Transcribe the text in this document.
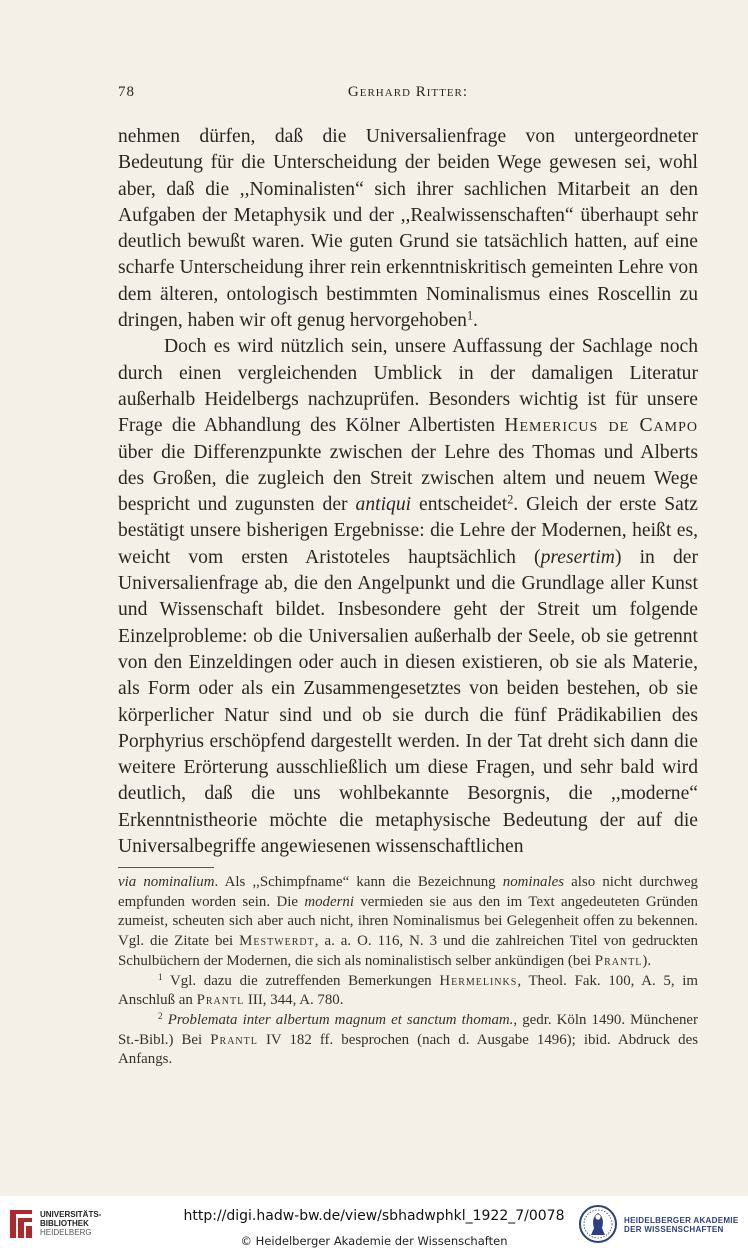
78	Gerhard Ritter:

nehmen dürfen, daß die Universalienfrage von untergeordneter Bedeutung für die Unterscheidung der beiden Wege gewesen sei, wohl aber, daß die ,,Nominalisten“ sich ihrer sachlichen Mitarbeit an den Aufgaben der Metaphysik und der ,,Realwissenschaften“ überhaupt sehr deutlich bewußt waren. Wie guten Grund sie tatsächlich hatten, auf eine scharfe Unterscheidung ihrer rein erkenntniskritisch gemeinten Lehre von dem älteren, ontologisch bestimmten Nominalismus eines Roscellin zu dringen, haben wir oft genug hervorgehoben$^1$.

Doch es wird nützlich sein, unsere Auffassung der Sachlage noch durch einen vergleichenden Umblick in der damaligen Literatur außerhalb Heidelbergs nachzuprüfen. Besonders wichtig ist für unsere Frage die Abhandlung des Kölner Albertisten Hemericus de Campo über die Differenzpunkte zwischen der Lehre des Thomas und Alberts des Großen, die zugleich den Streit zwischen altem und neuem Wege bespricht und zugunsten der antiqui entscheidet$^2$. Gleich der erste Satz bestätigt unsere bisherigen Ergebnisse: die Lehre der Modernen, heißt es, weicht vom ersten Aristoteles hauptsächlich (presertim) in der Universalienfrage ab, die den Angelpunkt und die Grundlage aller Kunst und Wissenschaft bildet. Insbesondere geht der Streit um folgende Einzelprobleme: ob die Universalien außerhalb der Seele, ob sie getrennt von den Einzeldingen oder auch in diesen existieren, ob sie als Materie, als Form oder als ein Zusammengesetztes von beiden bestehen, ob sie körperlicher Natur sind und ob sie durch die fünf Prädikabilien des Porphyrius erschöpfend dargestellt werden. In der Tat dreht sich dann die weitere Erörterung ausschließlich um diese Fragen, und sehr bald wird deutlich, daß die uns wohlbekannte Besorgnis, die ,,moderne“ Erkenntnistheorie möchte die metaphysische Bedeutung der auf die Universalbegriffe angewiesenen wissenschaftlichen

via nominalium. Als ,,Schimpfname“ kann die Bezeichnung nominales also nicht durchweg empfunden worden sein. Die moderni vermieden sie aus den im Text angedeuteten Gründen zumeist, scheuten sich aber auch nicht, ihren Nominalismus bei Gelegenheit offen zu bekennen. Vgl. die Zitate bei Mestwerdt, a. a. O. 116, N. 3 und die zahlreichen Titel von gedruckten Schulbüchern der Modernen, die sich als nominalistisch selber ankündigen (bei Prantl).

$^1$ Vgl. dazu die zutreffenden Bemerkungen Hermelinks, Theol. Fak. 100, A. 5, im Anschluß an Prantl III, 344, A. 780.

$^2$ Problemata inter albertum magnum et sanctum thomam., gedr. Köln 1490. Münchener St.-Bibl.) Bei Prantl IV 182 ff. besprochen (nach d. Ausgabe 1496); ibid. Abdruck des Anfangs.

UNIVERSITÄTS-
BIBLIOTHEK
HEIDELBERG
http://digi.hadw-bw.de/view/sbhadwphkl_1922_7/0078
© Heidelberger Akademie der Wissenschaften
HEIDELBERGER AKADEMIE
DER WISSENSCHAFTEN
